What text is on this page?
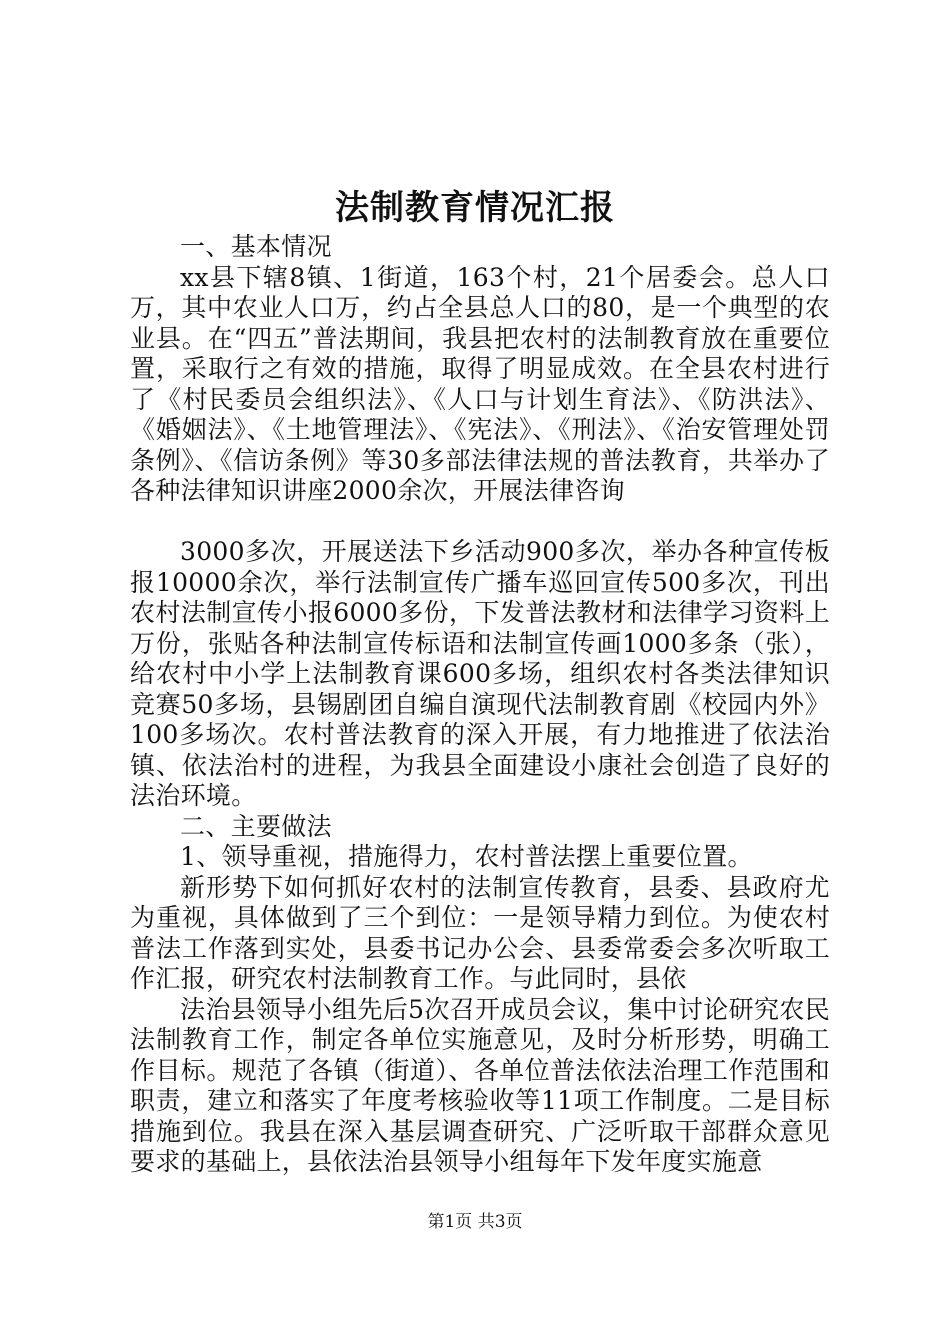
法制教育情况汇报

一、基本情况

xx县下辖8镇、1街道，163个村，21个居委会。总人口万，其中农业人口万，约占全县总人口的80，是一个典型的农业县。在“四五”普法期间，我县把农村的法制教育放在重要位置，采取行之有效的措施，取得了明显成效。在全县农村进行了《村民委员会组织法》、《人口与计划生育法》、《防洪法》、《婚姻法》、《土地管理法》、《宪法》、《刑法》、《治安管理处罚条例》、《信访条例》等30多部法律法规的普法教育，共举办了各种法律知识讲座2000余次，开展法律咨询

3000多次，开展送法下乡活动900多次，举办各种宣传板报10000余次，举行法制宣传广播车巡回宣传500多次，刊出农村法制宣传小报6000多份，下发普法教材和法律学习资料上万份，张贴各种法制宣传标语和法制宣传画1000多条（张），给农村中小学上法制教育课600多场，组织农村各类法律知识竞赛50多场，县锡剧团自编自演现代法制教育剧《校园内外》100多场次。农村普法教育的深入开展，有力地推进了依法治镇、依法治村的进程，为我县全面建设小康社会创造了良好的法治环境。

二、主要做法

1、领导重视，措施得力，农村普法摆上重要位置。

新形势下如何抓好农村的法制宣传教育，县委、县政府尤为重视，具体做到了三个到位：一是领导精力到位。为使农村普法工作落到实处，县委书记办公会、县委常委会多次听取工作汇报，研究农村法制教育工作。与此同时，县依

法治县领导小组先后5次召开成员会议，集中讨论研究农民法制教育工作，制定各单位实施意见，及时分析形势，明确工作目标。规范了各镇（街道）、各单位普法依法治理工作范围和职责，建立和落实了年度考核验收等11项工作制度。二是目标措施到位。我县在深入基层调查研究、广泛听取干部群众意见要求的基础上，县依法治县领导小组每年下发年度实施意

第1页 共3页
